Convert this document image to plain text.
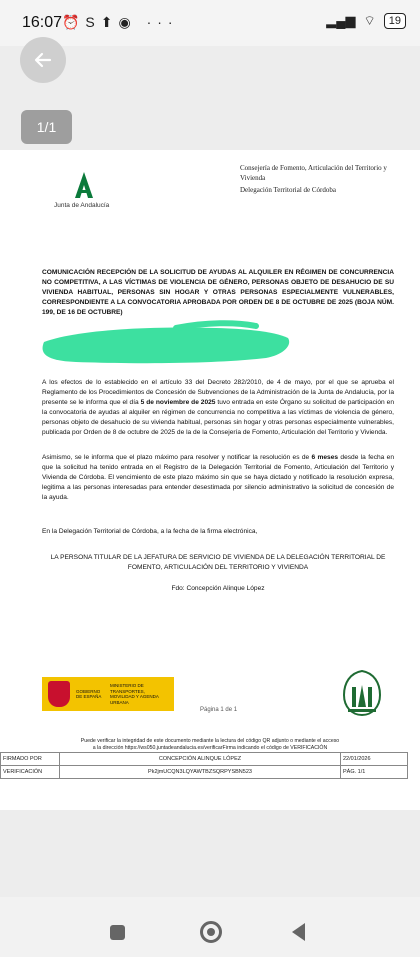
16:07 ⏰S⬆◉ ···	▂▄▆ ⌔	19
1/1
Junta de Andalucía
Consejería de Fomento, Articulación del Territorio y Vivienda
Delegación Territorial de Córdoba
COMUNICACIÓN RECEPCIÓN DE LA SOLICITUD DE AYUDAS AL ALQUILER EN RÉGIMEN DE CONCURRENCIA NO COMPETITIVA, A LAS VÍCTIMAS DE VIOLENCIA DE GÉNERO, PERSONAS OBJETO DE DESAHUCIO DE SU VIVIENDA HABITUAL, PERSONAS SIN HOGAR Y OTRAS PERSONAS ESPECIALMENTE VULNERABLES, CORRESPONDIENTE A LA CONVOCATORIA APROBADA POR ORDEN DE 8 DE OCTUBRE DE 2025 (BOJA NÚM. 199, DE 16 DE OCTUBRE)
A los efectos de lo establecido en el artículo 33 del Decreto 282/2010, de 4 de mayo, por el que se aprueba el Reglamento de los Procedimientos de Concesión de Subvenciones de la Administración de la Junta de Andalucía, por la presente se le informa que el día 5 de noviembre de 2025 tuvo entrada en este Órgano su solicitud de participación en la convocatoria de ayudas al alquiler en régimen de concurrencia no competitiva a las víctimas de violencia de género, personas objeto de desahucio de su vivienda habitual, personas sin hogar y otras personas especialmente vulnerables, publicada por Orden de 8 de octubre de 2025 de la de la Consejería de Fomento, Articulación del Territorio y Vivienda.
Asimismo, se le informa que el plazo máximo para resolver y notificar la resolución es de 6 meses desde la fecha en que la solicitud ha tenido entrada en el Registro de la Delegación Territorial de Fomento, Articulación del Territorio y Vivienda de Córdoba. El vencimiento de este plazo máximo sin que se haya dictado y notificado la resolución expresa, legitima a las personas interesadas para entender desestimada por silencio administrativo la solicitud de concesión de la ayuda.
En la Delegación Territorial de Córdoba, a la fecha de la firma electrónica,
LA PERSONA TITULAR DE LA JEFATURA DE SERVICIO DE VIVIENDA DE LA DELEGACIÓN TERRITORIAL DE FOMENTO, ARTICULACIÓN DEL TERRITORIO Y VIVIENDA
Fdo: Concepción Alinque López
GOBIERNO DE ESPAÑA
MINISTERIO DE TRANSPORTES, MOVILIDAD Y AGENDA URBANA
Página 1 de 1
Puede verificar la integridad de este documento mediante la lectura del código QR adjunto o mediante el acceso
a la dirección https://ws050.juntadeandalucia.es/verificarFirma indicando el código de VERIFICACIÓN
FIRMADO POR	CONCEPCIÓN ALINQUE LÓPEZ	22/01/2026
VERIFICACIÓN	Pk2jmUCQN3LQYAWTBZSQRPYSBN523	PÁG. 1/1
